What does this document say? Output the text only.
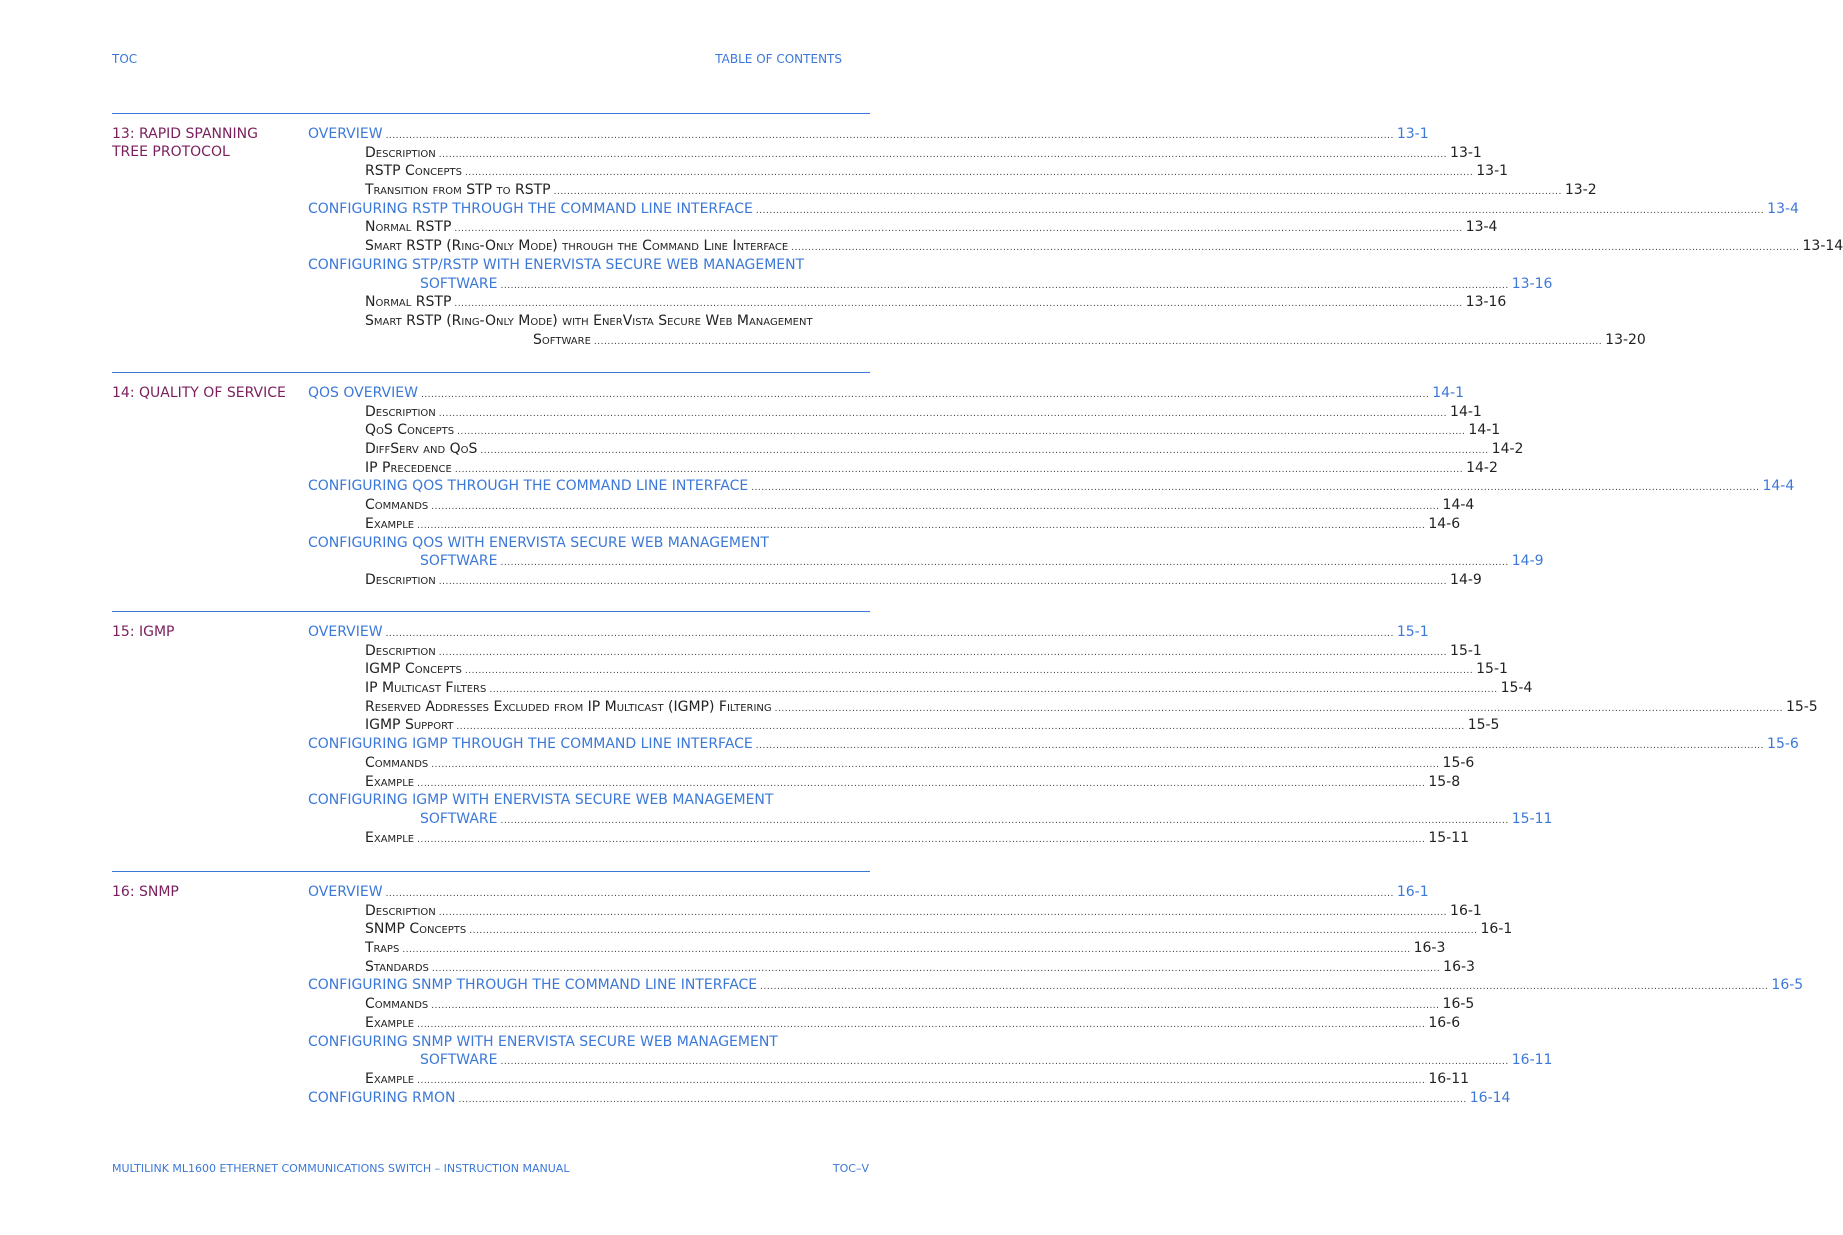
TOC	TABLE OF CONTENTS
13: RAPID SPANNING
TREE PROTOCOL
OVERVIEW ............................................................................................................................................................................................................................................................................................................ 13-1
Description ............................................................................................................................................................................................................................................................................................................ 13-1
RSTP Concepts ............................................................................................................................................................................................................................................................................................................ 13-1
Transition from STP to RSTP ............................................................................................................................................................................................................................................................................................................ 13-2
CONFIGURING RSTP THROUGH THE COMMAND LINE INTERFACE ............................................................................................................................................................................................................................................................................................................ 13-4
Normal RSTP ............................................................................................................................................................................................................................................................................................................ 13-4
Smart RSTP (Ring-Only Mode) through the Command Line Interface ............................................................................................................................................................................................................................................................................................................ 13-14
CONFIGURING STP/RSTP WITH ENERVISTA SECURE WEB MANAGEMENT
SOFTWARE ............................................................................................................................................................................................................................................................................................................ 13-16
Normal RSTP ............................................................................................................................................................................................................................................................................................................ 13-16
Smart RSTP (Ring-Only Mode) with EnerVista Secure Web Management
Software ............................................................................................................................................................................................................................................................................................................ 13-20
14: QUALITY OF SERVICE	QOS OVERVIEW ............................................................................................................................................................................................................................................................................................................ 14-1
Description ............................................................................................................................................................................................................................................................................................................ 14-1
QoS Concepts ............................................................................................................................................................................................................................................................................................................ 14-1
DiffServ and QoS ............................................................................................................................................................................................................................................................................................................ 14-2
IP Precedence ............................................................................................................................................................................................................................................................................................................ 14-2
CONFIGURING QOS THROUGH THE COMMAND LINE INTERFACE ............................................................................................................................................................................................................................................................................................................ 14-4
Commands ............................................................................................................................................................................................................................................................................................................ 14-4
Example ............................................................................................................................................................................................................................................................................................................ 14-6
CONFIGURING QOS WITH ENERVISTA SECURE WEB MANAGEMENT
SOFTWARE ............................................................................................................................................................................................................................................................................................................ 14-9
Description ............................................................................................................................................................................................................................................................................................................ 14-9
15: IGMP	OVERVIEW ............................................................................................................................................................................................................................................................................................................ 15-1
Description ............................................................................................................................................................................................................................................................................................................ 15-1
IGMP Concepts ............................................................................................................................................................................................................................................................................................................ 15-1
IP Multicast Filters ............................................................................................................................................................................................................................................................................................................ 15-4
Reserved Addresses Excluded from IP Multicast (IGMP) Filtering ............................................................................................................................................................................................................................................................................................................ 15-5
IGMP Support ............................................................................................................................................................................................................................................................................................................ 15-5
CONFIGURING IGMP THROUGH THE COMMAND LINE INTERFACE ............................................................................................................................................................................................................................................................................................................ 15-6
Commands ............................................................................................................................................................................................................................................................................................................ 15-6
Example ............................................................................................................................................................................................................................................................................................................ 15-8
CONFIGURING IGMP WITH ENERVISTA SECURE WEB MANAGEMENT
SOFTWARE ............................................................................................................................................................................................................................................................................................................ 15-11
Example ............................................................................................................................................................................................................................................................................................................ 15-11
16: SNMP	OVERVIEW ............................................................................................................................................................................................................................................................................................................ 16-1
Description ............................................................................................................................................................................................................................................................................................................ 16-1
SNMP Concepts ............................................................................................................................................................................................................................................................................................................ 16-1
Traps ............................................................................................................................................................................................................................................................................................................ 16-3
Standards ............................................................................................................................................................................................................................................................................................................ 16-3
CONFIGURING SNMP THROUGH THE COMMAND LINE INTERFACE ............................................................................................................................................................................................................................................................................................................ 16-5
Commands ............................................................................................................................................................................................................................................................................................................ 16-5
Example ............................................................................................................................................................................................................................................................................................................ 16-6
CONFIGURING SNMP WITH ENERVISTA SECURE WEB MANAGEMENT
SOFTWARE ............................................................................................................................................................................................................................................................................................................ 16-11
Example ............................................................................................................................................................................................................................................................................................................ 16-11
CONFIGURING RMON ............................................................................................................................................................................................................................................................................................................ 16-14
MULTILINK ML1600 ETHERNET COMMUNICATIONS SWITCH – INSTRUCTION MANUAL	TOC–V
